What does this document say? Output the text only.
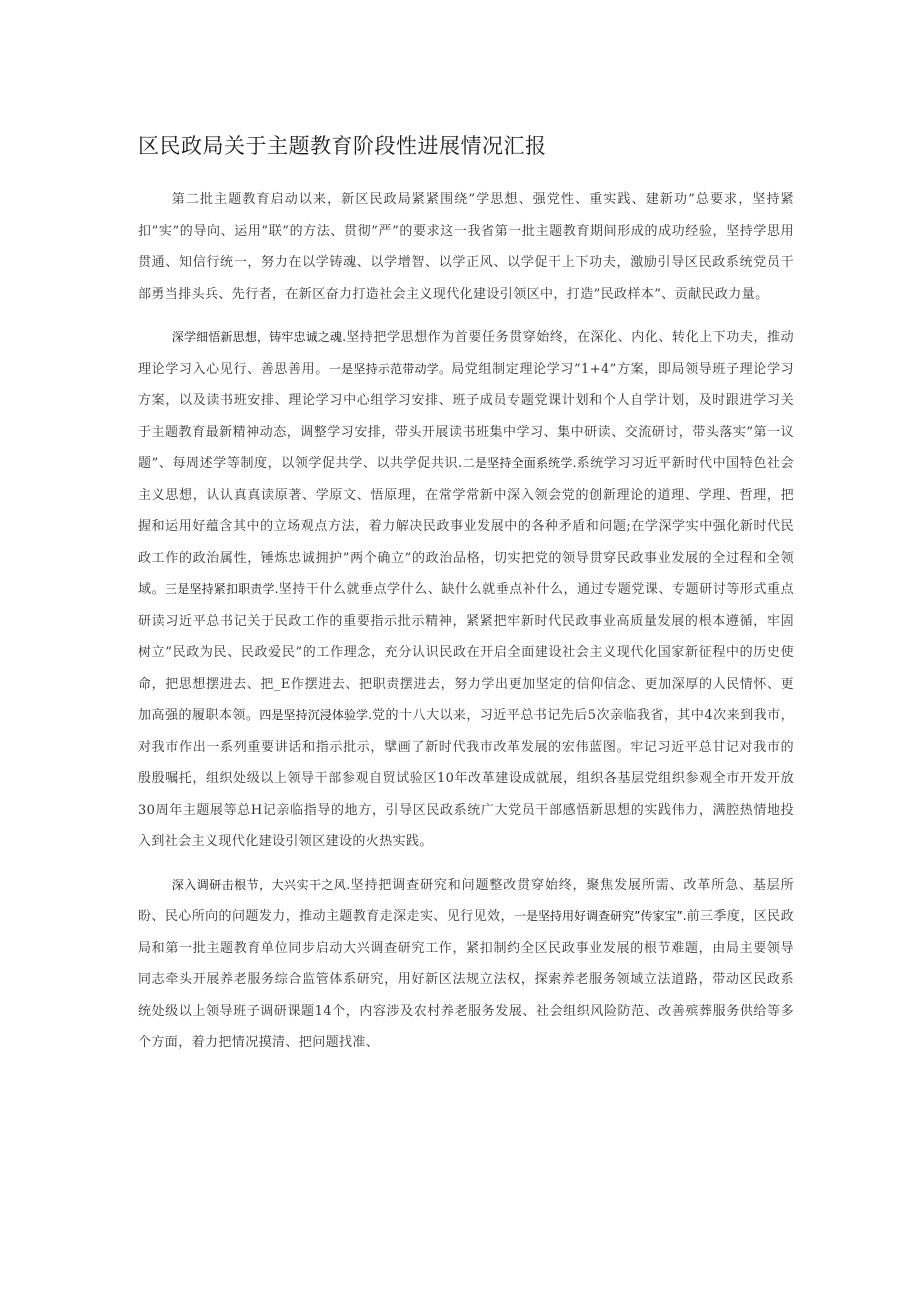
区民政局关于主题教育阶段性进展情况汇报

第二批主题教育启动以来，新区民政局紧紧围绕”学思想、强党性、重实践、建新功”总要求，坚持紧扣”实”的导向、运用”联”的方法、贯彻”严”的要求这一我省第一批主题教育期间形成的成功经验，坚持学思用贯通、知信行统一，努力在以学铸魂、以学增智、以学正风、以学促干上下功夫，激励引导区民政系统党员干部勇当排头兵、先行者，在新区奋力打造社会主义现代化建设引领区中，打造”民政样本”、贡献民政力量。

深学细悟新思想，铸牢忠诚之魂.坚持把学思想作为首要任务贯穿始终，在深化、内化、转化上下功夫，推动理论学习入心见行、善思善用。一是坚持示范带动学。局党组制定理论学习”1+4”方案，即局领导班子理论学习方案，以及读书班安排、理论学习中心组学习安排、班子成员专题党课计划和个人自学计划，及时跟进学习关于主题教育最新精神动态，调整学习安排，带头开展读书班集中学习、集中研读、交流研讨，带头落实”第一议题”、每周述学等制度，以领学促共学、以共学促共识.二是坚持全面系统学.系统学习习近平新时代中国特色社会主义思想，认认真真读原著、学原文、悟原理，在常学常新中深入领会党的创新理论的道理、学理、哲理，把握和运用好蕴含其中的立场观点方法，着力解决民政事业发展中的各种矛盾和问题;在学深学实中强化新时代民政工作的政治属性，锤炼忠诚拥护”两个确立”的政治品格，切实把党的领导贯穿民政事业发展的全过程和全领域。三是坚持紧扣职责学.坚持干什么就垂点学什么、缺什么就垂点补什么，通过专题党课、专题研讨等形式重点研读习近平总书记关于民政工作的重要指示批示精神，紧紧把牢新时代民政事业高质量发展的根本遵循，牢固树立”民政为民、民政爱民”的工作理念，充分认识民政在开启全面建设社会主义现代化国家新征程中的历史使命，把思想摆进去、把_E作摆进去、把职责摆进去，努力学出更加坚定的信仰信念、更加深厚的人民情怀、更加高强的履职本领。四是坚持沉浸体验学.党的十八大以来，习近平总书记先后5次亲临我省，其中4次来到我市，对我市作出一系列重要讲话和指示批示，擘画了新时代我市改革发展的宏伟蓝图。牢记习近平总甘记对我市的殷殷嘱托，组织处级以上领导干部参观自贸试验区10年改革建设成就展，组织各基层党组织参观全市开发开放30周年主题展等总H记亲临指导的地方，引导区民政系统广大党员干部感悟新思想的实践伟力，满腔热情地投入到社会主义现代化建设引领区建设的火热实践。

深入调研击根节，大兴实干之风.坚持把调查研究和问题整改贯穿始终，聚焦发展所需、改革所急、基层所盼、民心所向的问题发力，推动主题教育走深走实、见行见效，一是坚持用好调查研究”传家宝”.前三季度，区民政局和第一批主题教育单位同步启动大兴调查研究工作，紧扣制约全区民政事业发展的根节难题，由局主要领导同志牵头开展养老服务综合监管体系研究，用好新区法规立法权，探索养老服务领域立法道路，带动区民政系统处级以上领导班子调研课题14个，内容涉及农村养老服务发展、社会组织风险防范、改善殡葬服务供给等多个方面，着力把情况摸清、把问题找准、
